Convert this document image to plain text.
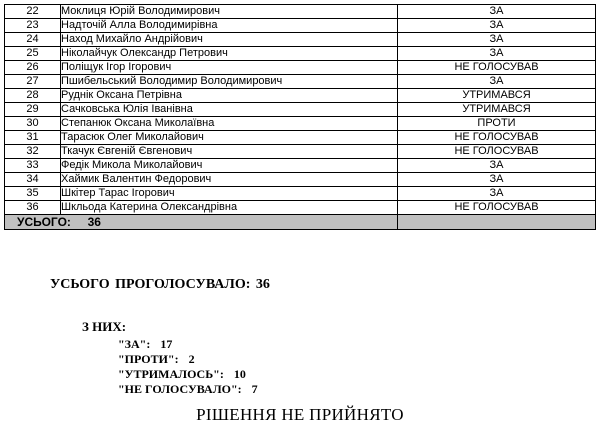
22	Моклиця Юрій Володимирович	ЗА
23	Надточій Алла Володимирівна	ЗА
24	Наход Михайло Андрійович	ЗА
25	Ніколайчук Олександр Петрович	ЗА
26	Поліщук Ігор Ігорович	НЕ ГОЛОСУВАВ
27	Пшибельський Володимир Володимирович	ЗА
28	Руднік Оксана Петрівна	УТРИМАВСЯ
29	Сачковська Юлія Іванівна	УТРИМАВСЯ
30	Степанюк Оксана Миколаївна	ПРОТИ
31	Тарасюк Олег Миколайович	НЕ ГОЛОСУВАВ
32	Ткачук Євгеній Євгенович	НЕ ГОЛОСУВАВ
33	Федік Микола Миколайович	ЗА
34	Хаймик Валентин Федорович	ЗА
35	Шкітер Тарас Ігорович	ЗА
36	Шкльода Катерина Олександрівна	НЕ ГОЛОСУВАВ
УСЬОГО: 36		
УСЬОГО ПРОГОЛОСУВАЛО: 36
З НИХ:
"ЗА": 17
"ПРОТИ": 2
"УТРИМАЛОСЬ": 10
"НЕ ГОЛОСУВАЛО": 7
РІШЕННЯ НЕ ПРИЙНЯТО
